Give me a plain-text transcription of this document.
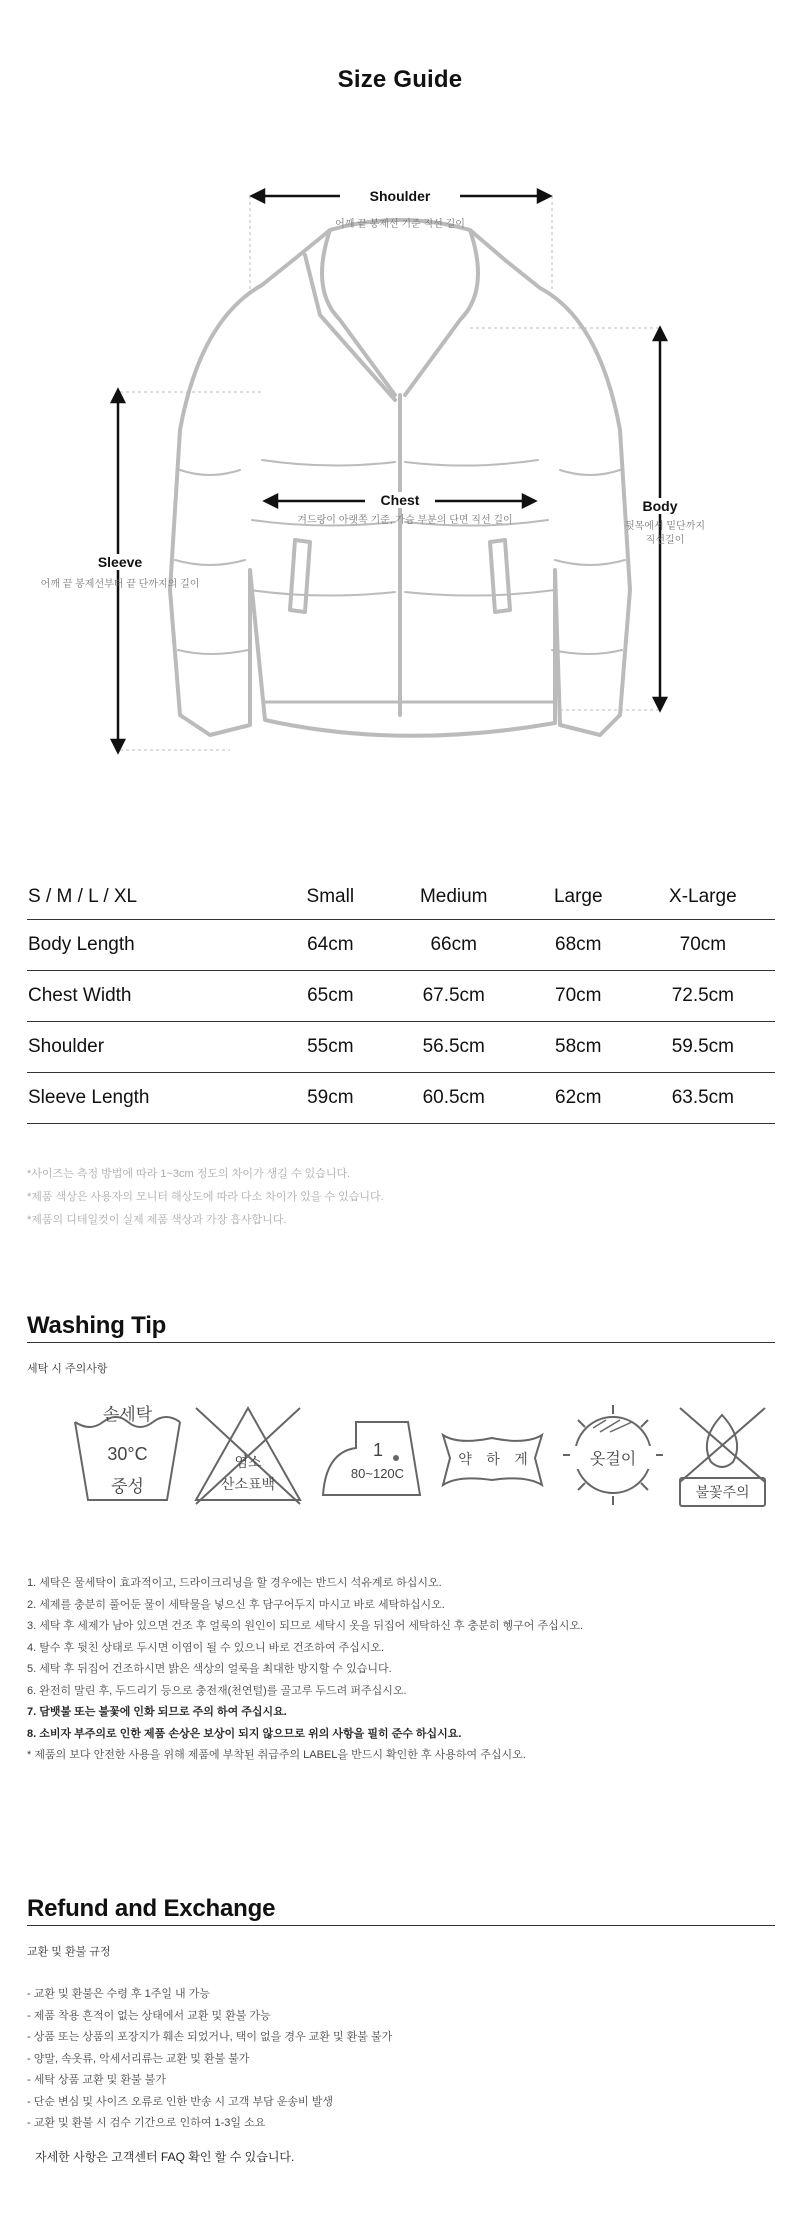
Size Guide
Shoulder
어깨 끝 봉제선 기준 직선 길이
Chest
겨드랑이 아랫쪽 기준, 가슴 부분의 단면 직선 길이
Body
뒷목에서 밑단까지
직선길이
Sleeve
어깨 끝 봉제선부터 끝 단까지의 길이
S / M / L / XL	Small	Medium	Large	X-Large
Body Length	64cm	66cm	68cm	70cm
Chest Width	65cm	67.5cm	70cm	72.5cm
Shoulder	55cm	56.5cm	58cm	59.5cm
Sleeve Length	59cm	60.5cm	62cm	63.5cm
*사이즈는 측정 방법에 따라 1~3cm 정도의 차이가 생길 수 있습니다.
*제품 색상은 사용자의 모니터 해상도에 따라 다소 차이가 있을 수 있습니다.
*제품의 디테일컷이 실제 제품 색상과 가장 흡사합니다.
Washing Tip
세탁 시 주의사항
손세탁
30°C
중성
염소
산소표백
1
80~120C
약	하	게	옷걸이
불꽃주의
1. 세탁은 물세탁이 효과적이고, 드라이크리닝을 할 경우에는 반드시 석유계로 하십시오.
2. 세제를 충분히 풀어둔 물이 세탁물을 넣으신 후 담구어두지 마시고 바로 세탁하십시오.
3. 세탁 후 세제가 남아 있으면 건조 후 얼룩의 원인이 되므로 세탁시 옷을 뒤집어 세탁하신 후 충분히 헹구어 주십시오.
4. 탈수 후 뒷친 상태로 두시면 이염이 될 수 있으니 바로 건조하여 주십시오.
5. 세탁 후 뒤집어 건조하시면 밝은 색상의 얼룩을 최대한 방지할 수 있습니다.
6. 완전히 말린 후, 두드리기 등으로 충전재(천연털)를 골고루 두드려 퍼주십시오.
7. 담뱃불 또는 불꽃에 인화 되므로 주의 하여 주십시요.
8. 소비자 부주의로 인한 제품 손상은 보상이 되지 않으므로 위의 사항을 필히 준수 하십시요.
* 제품의 보다 안전한 사용을 위해 제품에 부착된 취급주의 LABEL을 반드시 확인한 후 사용하여 주십시오.
Refund and Exchange
교환 및 환불 규정
- 교환 및 환불은 수령 후 1주일 내 가능
- 제품 착용 흔적이 없는 상태에서 교환 및 환불 가능
- 상품 또는 상품의 포장지가 훼손 되었거나, 택이 없을 경우 교환 및 환불 불가
- 양말, 속옷류, 악세서리류는 교환 및 환불 불가
- 세탁 상품 교환 및 환불 불가
- 단순 변심 및 사이즈 오류로 인한 반송 시 고객 부담 운송비 발생
- 교환 및 환불 시 검수 기간으로 인하여 1-3일 소요
자세한 사항은 고객센터 FAQ 확인 할 수 있습니다.
